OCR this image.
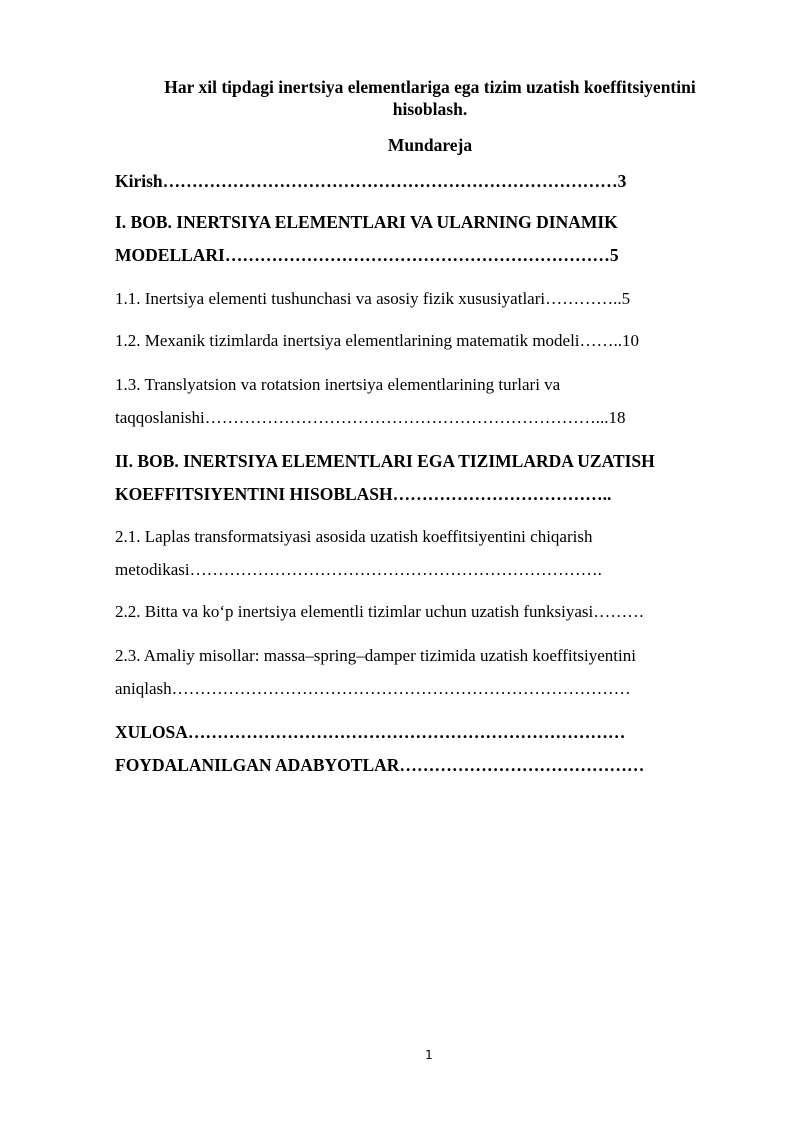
Har xil tipdagi inertsiya elementlariga ega tizim uzatish koeffitsiyentini
hisoblash.
Mundareja
Kirish……………………………………………………………………3
I. BOB. INERTSIYA ELEMENTLARI VA ULARNING DINAMIK
MODELLARI…………………………………………………………5
1.1. Inertsiya elementi tushunchasi va asosiy fizik xususiyatlari…………..5
1.2. Mexanik tizimlarda inertsiya elementlarining matematik modeli……..10
1.3. Translyatsion va rotatsion inertsiya elementlarining turlari va
taqqoslanishi……………………………………………………………...18
II. BOB. INERTSIYA ELEMENTLARI EGA TIZIMLARDA UZATISH
KOEFFITSIYENTINI HISOBLASH………………………………..
2.1. Laplas transformatsiyasi asosida uzatish koeffitsiyentini chiqarish
metodikasi……………………………………………………………….
2.2. Bitta va koʻp inertsiya elementli tizimlar uchun uzatish funksiyasi………
2.3. Amaliy misollar: massa–spring–damper tizimida uzatish koeffitsiyentini
aniqlash………………………………………………………………………
XULOSA…………………………………………………………………
FOYDALANILGAN ADABYOTLAR……………………………………
1
